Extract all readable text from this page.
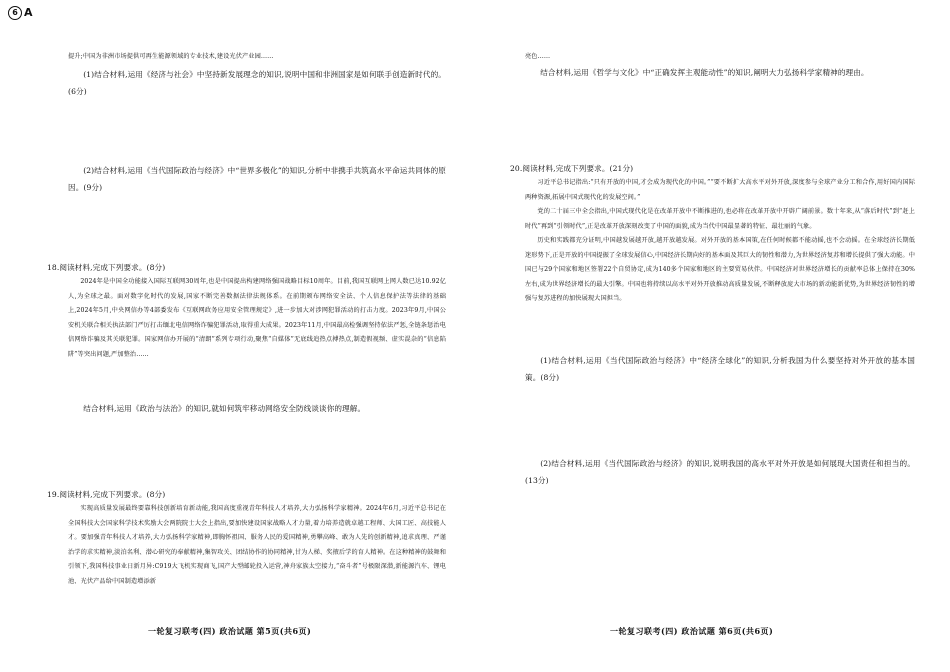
6 A

提升;中国为非洲市场提供可再生能源领域的专业技术,建设光伏产业园……

(1)结合材料,运用《经济与社会》中坚持新发展理念的知识,说明中国和非洲国家是如何联手创造新时代的。(6分)

(2)结合材料,运用《当代国际政治与经济》中“世界多极化”的知识,分析中非携手共筑高水平命运共同体的原因。(9分)

18.阅读材料,完成下列要求。(8分)

2024年是中国全功能接入国际互联网30周年,也是中国提出构建网络强国战略目标10周年。目前,我国互联网上网人数已达10.92亿人,为全球之最。面对数字化时代的发展,国家不断完善数据法律法规体系。在前期颁布网络安全法、个人信息保护法等法律的基础上,2024年5月,中央网信办等4部委发布《互联网政务应用安全管理规定》,进一步加大对涉网犯罪活动的打击力度。2023年9月,中国公安机关联合相关执法部门严厉打击缅北电信网络诈骗犯罪活动,取得重大成果。2023年11月,中国最高检强调坚持依法严惩,全链条惩治电信网络诈骗及其关联犯罪。国家网信办开展的“清朗”系列专项行动,聚焦“自媒体”无底线追热点搏热点,制造假视频、虚实混杂的“信息陷阱”等突出问题,严加整治……

结合材料,运用《政治与法治》的知识,就如何筑牢移动网络安全防线谈谈你的理解。

19.阅读材料,完成下列要求。(8分)

实现高质量发展最终要靠科技创新培育新动能,我国高度重视青年科技人才培养,大力弘扬科学家精神。2024年6月,习近平总书记在全国科技大会国家科学技术奖励大会两院院士大会上指出,要加快建设国家战略人才力量,着力培养造就卓越工程师、大国工匠、高技能人才。要加强青年科技人才培养,大力弘扬科学家精神,即胸怀祖国、服务人民的爱国精神,勇攀高峰、敢为人先的创新精神,追求真理、严谨治学的求实精神,淡泊名利、潜心研究的奉献精神,集智攻关、团结协作的协同精神,甘为人梯、奖掖后学的育人精神。在这种精神的鼓舞和引领下,我国科技事业日新月异:C919大飞机实现商飞,国产大型邮轮投入运营,神舟家族太空接力,“奋斗者”号极限深潜,新能源汽车、锂电池、光伏产品给中国制造增添新

一轮复习联考(四) 政治试题 第5页(共6页)

亮色……

结合材料,运用《哲学与文化》中“正确发挥主观能动性”的知识,阐明大力弘扬科学家精神的理由。

20.阅读材料,完成下列要求。(21分)

习近平总书记指出:“只有开放的中国,才会成为现代化的中国。”“要不断扩大高水平对外开放,深度参与全球产业分工和合作,用好国内国际两种资源,拓展中国式现代化的发展空间。”

党的二十届三中全会指出,中国式现代化是在改革开放中不断推进的,也必将在改革开放中开辟广阔前景。数十年来,从“落后时代”到“赶上时代”再到“引领时代”,正是改革开放深刻改变了中国的面貌,成为当代中国最显著的特征、最壮丽的气象。

历史和实践都充分证明,中国越发展越开放,越开放越发展。对外开放的基本国策,在任何时候都不能动摇,也不会动摇。在全球经济长期低迷形势下,正是开放的中国提振了全球发展信心,中国经济长期向好的基本面及其巨大的韧性和潜力,为世界经济复苏和增长提供了强大动能。中国已与29个国家和地区签署22个自贸协定,成为140多个国家和地区的主要贸易伙伴。中国经济对世界经济增长的贡献率总体上保持在30%左右,成为世界经济增长的最大引擎。中国也将持续以高水平对外开放推动高质量发展,不断释放庞大市场的新动能新优势,为世界经济韧性的增强与复苏进程的加快展现大国担当。

(1)结合材料,运用《当代国际政治与经济》中“经济全球化”的知识,分析我国为什么要坚持对外开放的基本国策。(8分)

(2)结合材料,运用《当代国际政治与经济》的知识,说明我国的高水平对外开放是如何展现大国责任和担当的。(13分)

一轮复习联考(四) 政治试题 第6页(共6页)
